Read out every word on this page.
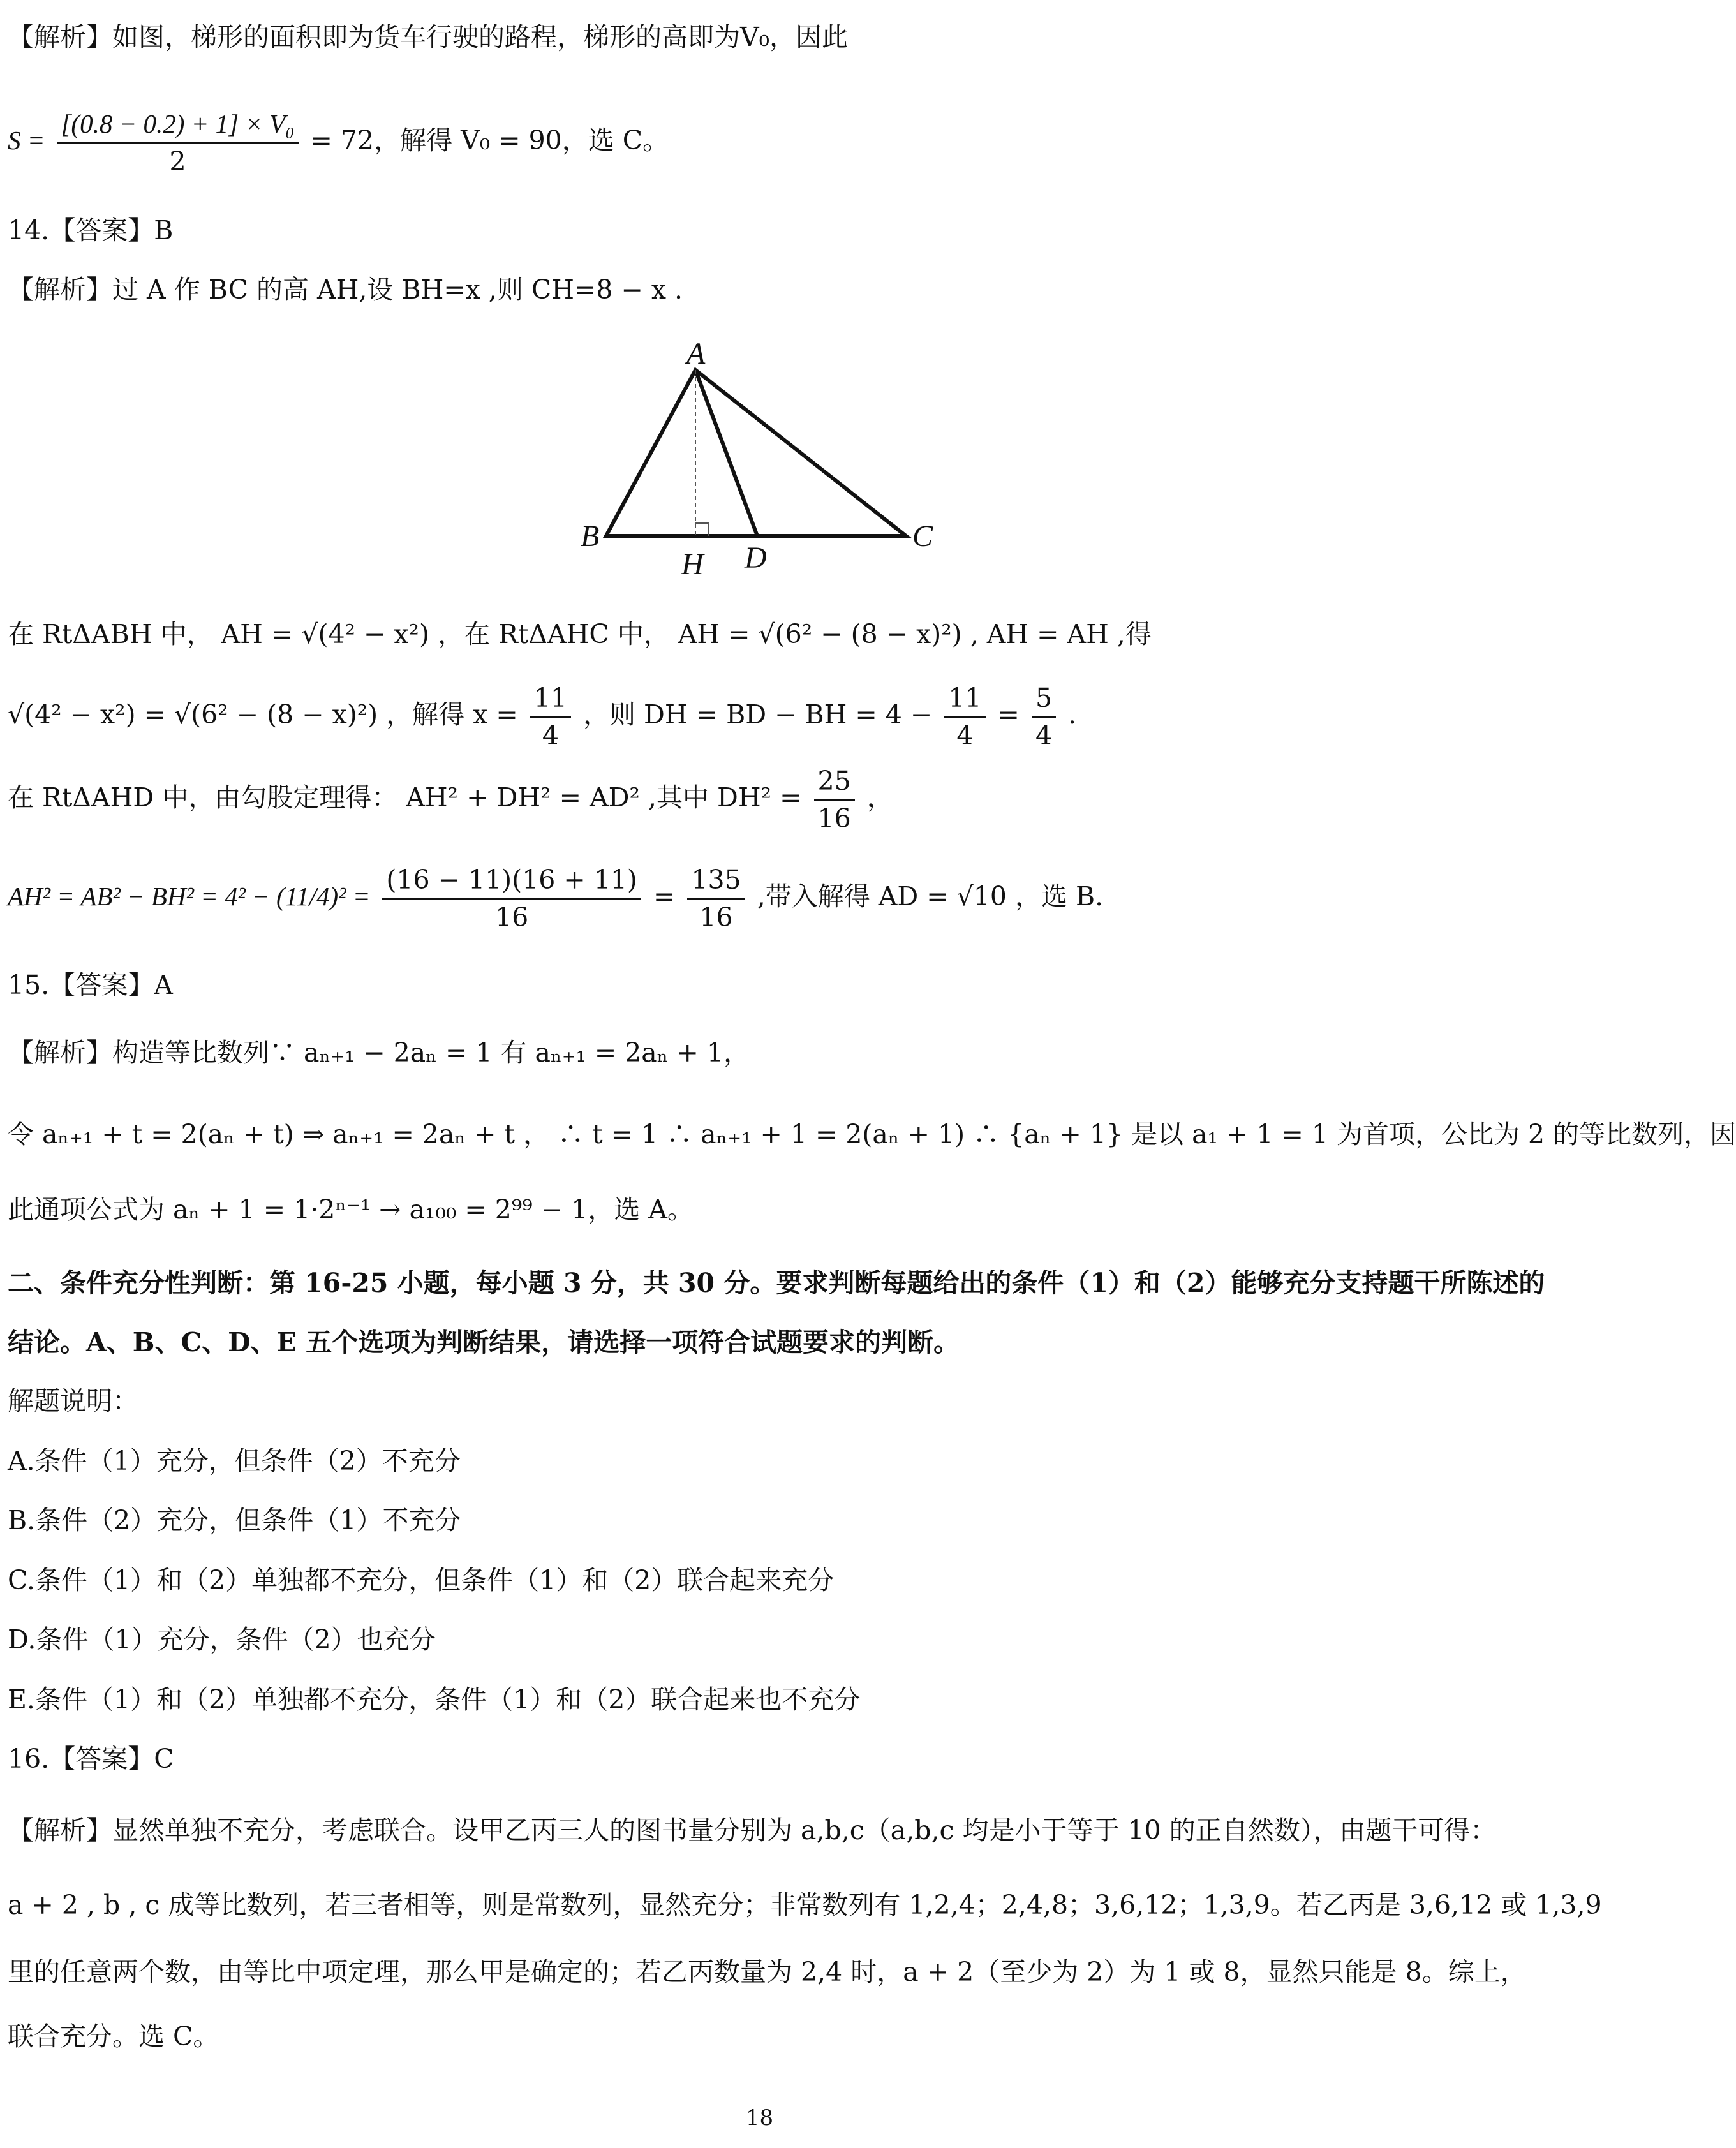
【解析】如图，梯形的面积即为货车行驶的路程，梯形的高即为V₀，因此
$S = \frac{\text{[(0.8 − 0.2) + 1] × V₀}}{2} = 72$，解得 V₀ = 90，选 C。
14.【答案】B
【解析】过 A 作 BC 的高 AH,设 BH=x ,则 CH=8 − x .
A
B	C
D
H
在 RtΔABH 中， AH = √(4² − x²) ，在 RtΔAHC 中， AH = √(6² − (8 − x)²) , AH = AH ,得
√(4² − x²) = √(6² − (8 − x)²) ，解得 $x = \frac{11}{4}$ ，则 DH = BD − BH = $4 - \frac{11}{4} = \frac{5}{4}$ .
在 RtΔAHD 中，由勾股定理得： AH² + DH² = AD² ,其中 $DH^2 = \frac{25}{16}$ ，
$AH^2 = AB^2 - BH^2 = 4^2 - (11/4)^2 = \frac{(16 - 11)(16 + 11)}{16} = \frac{135}{16}$ ,带入解得 AD = √10 ，选 B.
15.【答案】A
【解析】构造等比数列∵ aₙ₊₁ − 2aₙ = 1 有 aₙ₊₁ = 2aₙ + 1，
令 aₙ₊₁ + t = 2(aₙ + t) ⇒ aₙ₊₁ = 2aₙ + t ， ∴ t = 1 ∴ aₙ₊₁ + 1 = 2(aₙ + 1) ∴ {aₙ + 1} 是以 a₁ + 1 = 1 为首项，公比为 2 的等比数列，因
此通项公式为 aₙ + 1 = 1·2ⁿ⁻¹ → a₁₀₀ = 2⁹⁹ − 1，选 A。
二、条件充分性判断：第 16-25 小题，每小题 3 分，共 30 分。要求判断每题给出的条件（1）和（2）能够充分支持题干所陈述的
结论。A、B、C、D、E 五个选项为判断结果，请选择一项符合试题要求的判断。
解题说明：
A.条件（1）充分，但条件（2）不充分
B.条件（2）充分，但条件（1）不充分
C.条件（1）和（2）单独都不充分，但条件（1）和（2）联合起来充分
D.条件（1）充分，条件（2）也充分
E.条件（1）和（2）单独都不充分，条件（1）和（2）联合起来也不充分
16.【答案】C
【解析】显然单独不充分，考虑联合。设甲乙丙三人的图书量分别为 a,b,c（a,b,c 均是小于等于 10 的正自然数），由题干可得：
a + 2 , b , c 成等比数列，若三者相等，则是常数列，显然充分；非常数列有 1,2,4；2,4,8；3,6,12；1,3,9。若乙丙是 3,6,12 或 1,3,9
里的任意两个数，由等比中项定理，那么甲是确定的；若乙丙数量为 2,4 时，a + 2（至少为 2）为 1 或 8，显然只能是 8。综上，
联合充分。选 C。
18
